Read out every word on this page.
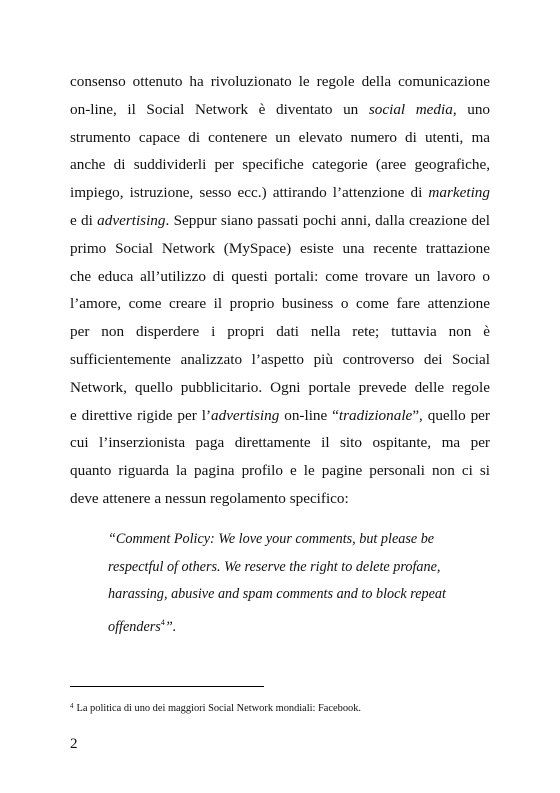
consenso ottenuto ha rivoluzionato le regole della comunicazione
on-line, il Social Network è diventato un social media, uno
strumento capace di contenere un elevato numero di utenti, ma
anche di suddividerli per specifiche categorie (aree geografiche,
impiego, istruzione, sesso ecc.) attirando l’attenzione di marketing
e di advertising. Seppur siano passati pochi anni, dalla creazione del
primo Social Network (MySpace) esiste una recente trattazione
che educa all’utilizzo di questi portali: come trovare un lavoro o
l’amore, come creare il proprio business o come fare attenzione
per non disperdere i propri dati nella rete; tuttavia non è
sufficientemente analizzato l’aspetto più controverso dei Social
Network, quello pubblicitario. Ogni portale prevede delle regole
e direttive rigide per l’advertising on-line “tradizionale”, quello per
cui l’inserzionista paga direttamente il sito ospitante, ma per
quanto riguarda la pagina profilo e le pagine personali non ci si
deve attenere a nessun regolamento specifico:
“Comment Policy: We love your comments, but please be
respectful of others. We reserve the right to delete profane,
harassing, abusive and spam comments and to block repeat
offenders$^4$”.
$^4$ La politica di uno dei maggiori Social Network mondiali: Facebook.
2
